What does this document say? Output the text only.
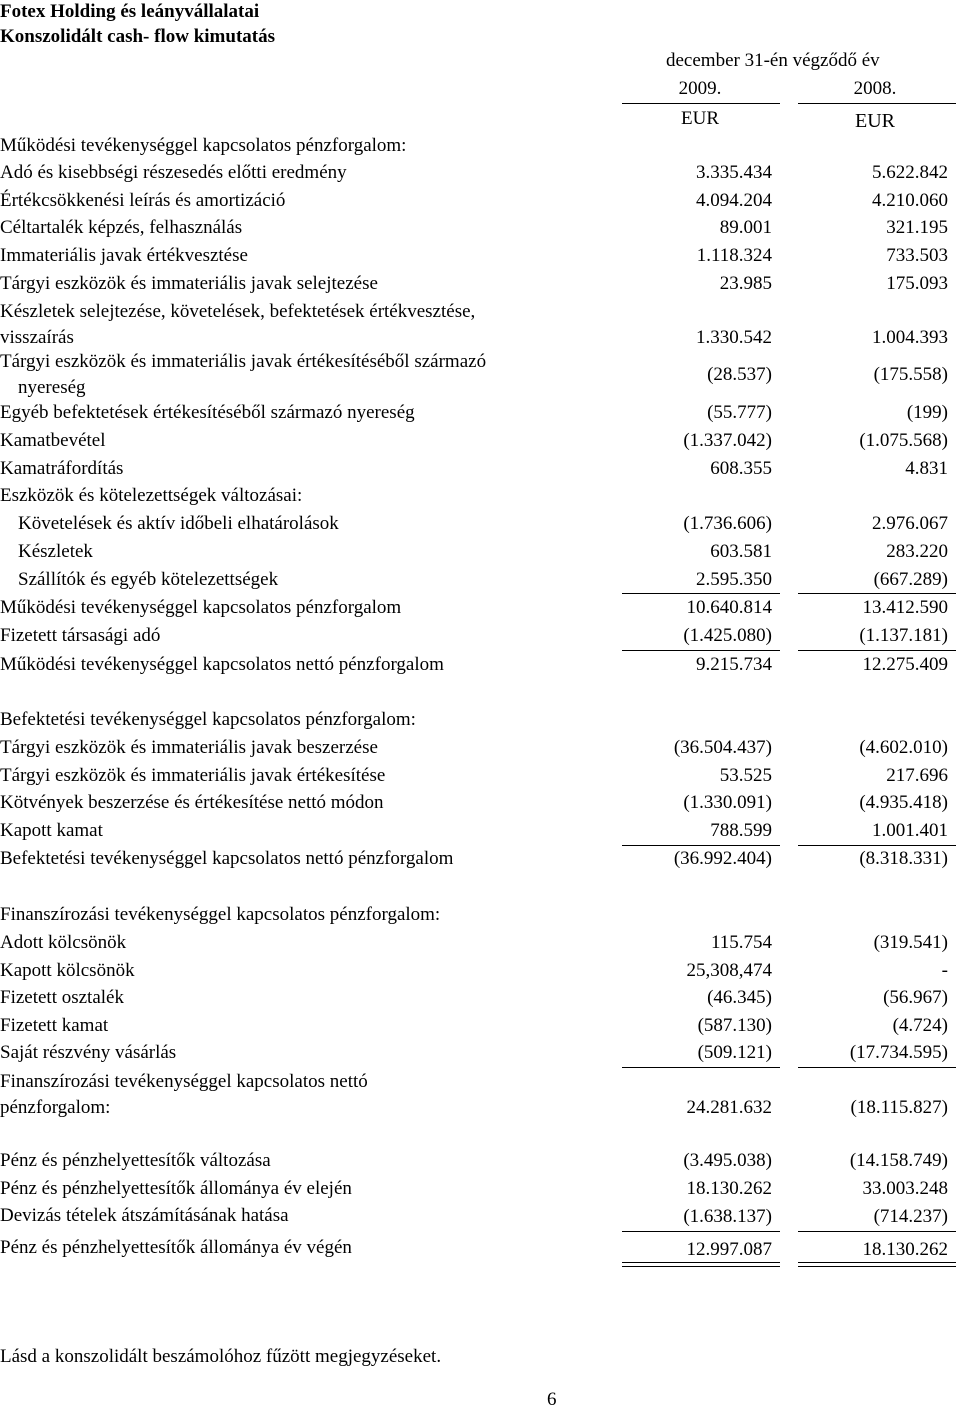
Fotex Holding és leányvállalatai
Konszolidált cash- flow kimutatás
december 31-én végződő év
2009.	2008.
EUR	EUR
Működési tevékenységgel kapcsolatos pénzforgalom:
Adó és kisebbségi részesedés előtti eredmény	3.335.434	5.622.842
Értékcsökkenési leírás és amortizáció	4.094.204	4.210.060
Céltartalék képzés, felhasználás	89.001	321.195
Immateriális javak értékvesztése	1.118.324	733.503
Tárgyi eszközök és immateriális javak selejtezése	23.985	175.093
Készletek selejtezése, követelések, befektetések értékvesztése,
visszaírás	1.330.542	1.004.393
Tárgyi eszközök és immateriális javak értékesítéséből származó
nyereség
(28.537)	(175.558)
Egyéb befektetések értékesítéséből származó nyereség	(55.777)	(199)
Kamatbevétel	(1.337.042)	(1.075.568)
Kamatráfordítás	608.355	4.831
Eszközök és kötelezettségek változásai:
Követelések és aktív időbeli elhatárolások	(1.736.606)	2.976.067
Készletek	603.581	283.220
Szállítók és egyéb kötelezettségek	2.595.350	(667.289)
Működési tevékenységgel kapcsolatos pénzforgalom	10.640.814	13.412.590
Fizetett társasági adó	(1.425.080)	(1.137.181)
Működési tevékenységgel kapcsolatos nettó pénzforgalom	9.215.734	12.275.409
Befektetési tevékenységgel kapcsolatos pénzforgalom:
Tárgyi eszközök és immateriális javak beszerzése	(36.504.437)	(4.602.010)
Tárgyi eszközök és immateriális javak értékesítése	53.525	217.696
Kötvények beszerzése és értékesítése nettó módon	(1.330.091)	(4.935.418)
Kapott kamat	788.599	1.001.401
Befektetési tevékenységgel kapcsolatos nettó pénzforgalom	(36.992.404)	(8.318.331)
Finanszírozási tevékenységgel kapcsolatos pénzforgalom:
Adott kölcsönök	115.754	(319.541)
Kapott kölcsönök	25,308,474	-
Fizetett osztalék	(46.345)	(56.967)
Fizetett kamat	(587.130)	(4.724)
Saját részvény vásárlás	(509.121)	(17.734.595)
Finanszírozási tevékenységgel kapcsolatos nettó
pénzforgalom:	24.281.632	(18.115.827)
Pénz és pénzhelyettesítők változása	(3.495.038)	(14.158.749)
Pénz és pénzhelyettesítők állománya év elején	18.130.262	33.003.248
Devizás tételek átszámításának hatása	(1.638.137)	(714.237)
Pénz és pénzhelyettesítők állománya év végén	12.997.087	18.130.262
Lásd a konszolidált beszámolóhoz fűzött megjegyzéseket.
6
